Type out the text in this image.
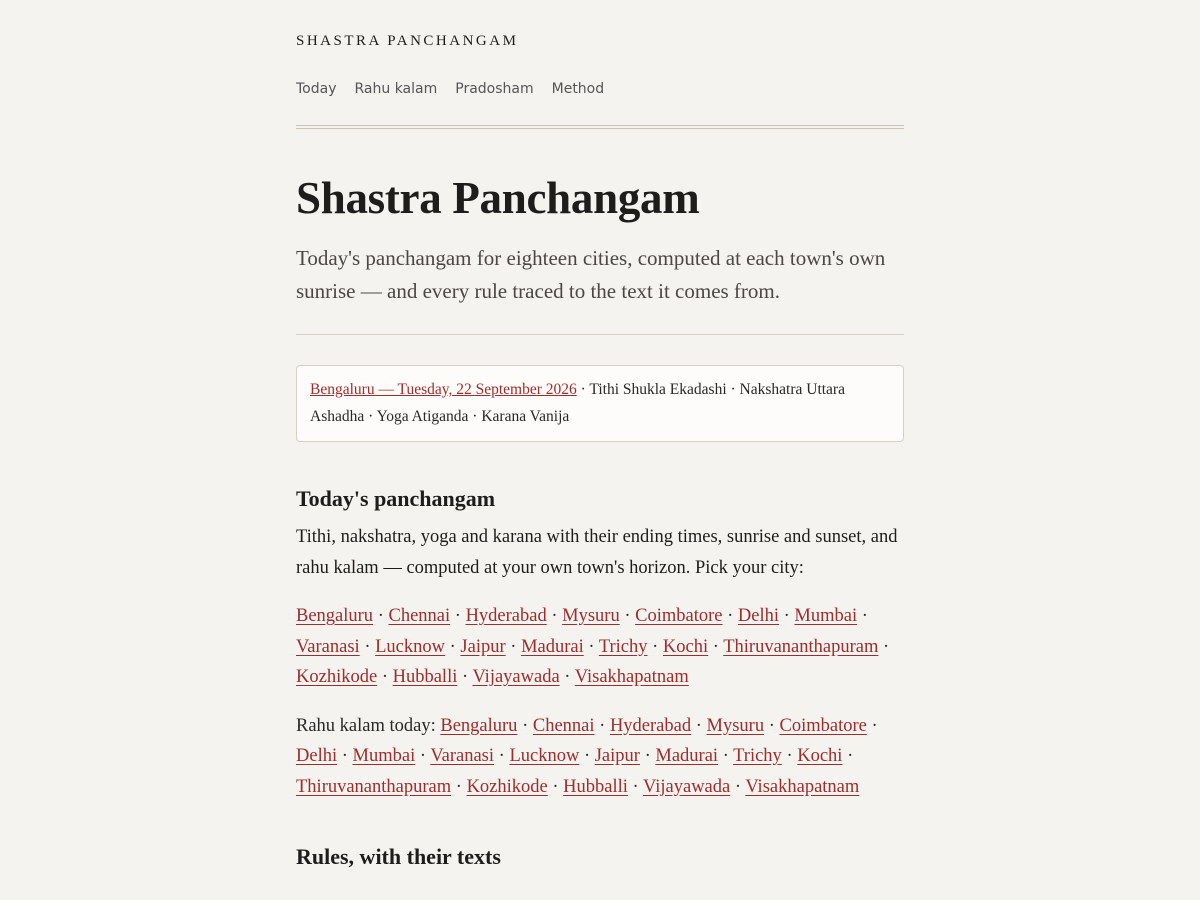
SHASTRA PANCHANGAM
Today Rahu kalam Pradosham Method
Shastra Panchangam

Today's panchangam for eighteen cities, computed at each town's own sunrise — and every rule traced to the text it comes from.

Bengaluru — Tuesday, 22 September 2026 · Tithi Shukla Ekadashi · Nakshatra Uttara Ashadha · Yoga Atiganda · Karana Vanija
Today's panchangam

Tithi, nakshatra, yoga and karana with their ending times, sunrise and sunset, and rahu kalam — computed at your own town's horizon. Pick your city:

Bengaluru · Chennai · Hyderabad · Mysuru · Coimbatore · Delhi · Mumbai · Varanasi · Lucknow · Jaipur · Madurai · Trichy · Kochi · Thiruvananthapuram · Kozhikode · Hubballi · Vijayawada · Visakhapatnam

Rahu kalam today: Bengaluru · Chennai · Hyderabad · Mysuru · Coimbatore · Delhi · Mumbai · Varanasi · Lucknow · Jaipur · Madurai · Trichy · Kochi · Thiruvananthapuram · Kozhikode · Hubballi · Vijayawada · Visakhapatnam

Rules, with their texts
